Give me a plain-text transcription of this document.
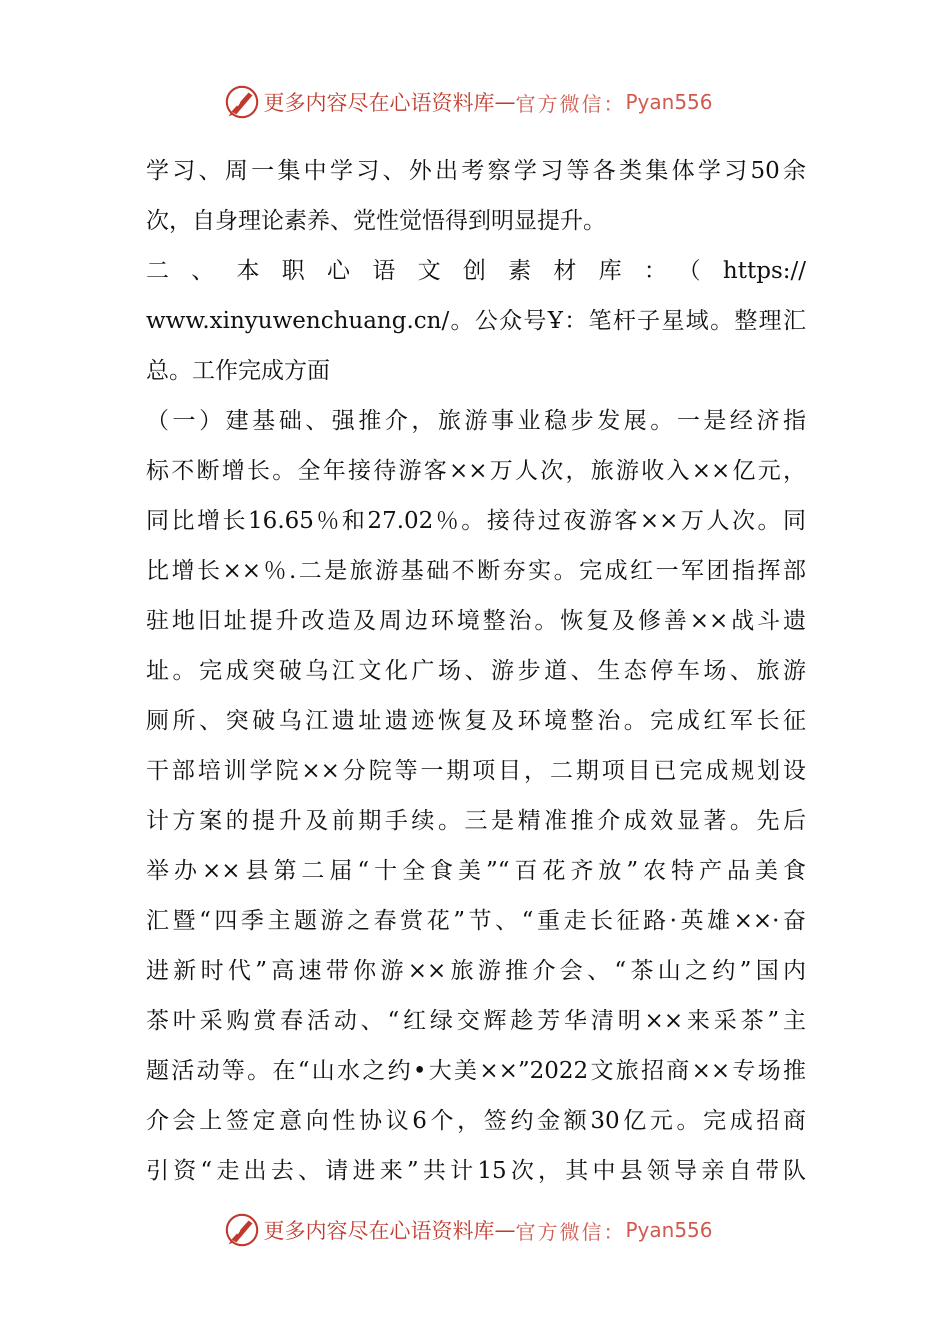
更多内容尽在心语资料库 — 官方微信： Pyan556
学习、周一集中学习、外出考察学习等各类集体学习50余
次，自身理论素养、党性觉悟得到明显提升。
二、本职心语文创素材库：（https://
www.xinyuwenchuang.cn/。公众号Ұ：笔杆子星域。整理汇
总。工作完成方面
（一）建基础、强推介，旅游事业稳步发展。一是经济指
标不断增长。全年接待游客××万人次，旅游收入××亿元，
同比增长16.65％和27.02％。接待过夜游客××万人次。同
比增长××％.二是旅游基础不断夯实。完成红一军团指挥部
驻地旧址提升改造及周边环境整治。恢复及修善××战斗遗
址。完成突破乌江文化广场、游步道、生态停车场、旅游
厕所、突破乌江遗址遗迹恢复及环境整治。完成红军长征
干部培训学院××分院等一期项目，二期项目已完成规划设
计方案的提升及前期手续。三是精准推介成效显著。先后
举办××县第二届“十全食美”“百花齐放”农特产品美食
汇暨“四季主题游之春赏花”节、“重走长征路·英雄××·奋
进新时代”高速带你游××旅游推介会、“茶山之约”国内
茶叶采购赏春活动、“红绿交辉趁芳华清明××来采茶”主
题活动等。在“山水之约•大美××”2022文旅招商××专场推
介会上签定意向性协议6个，签约金额30亿元。完成招商
引资“走出去、请进来”共计15次，其中县领导亲自带队
更多内容尽在心语资料库 — 官方微信： Pyan556
